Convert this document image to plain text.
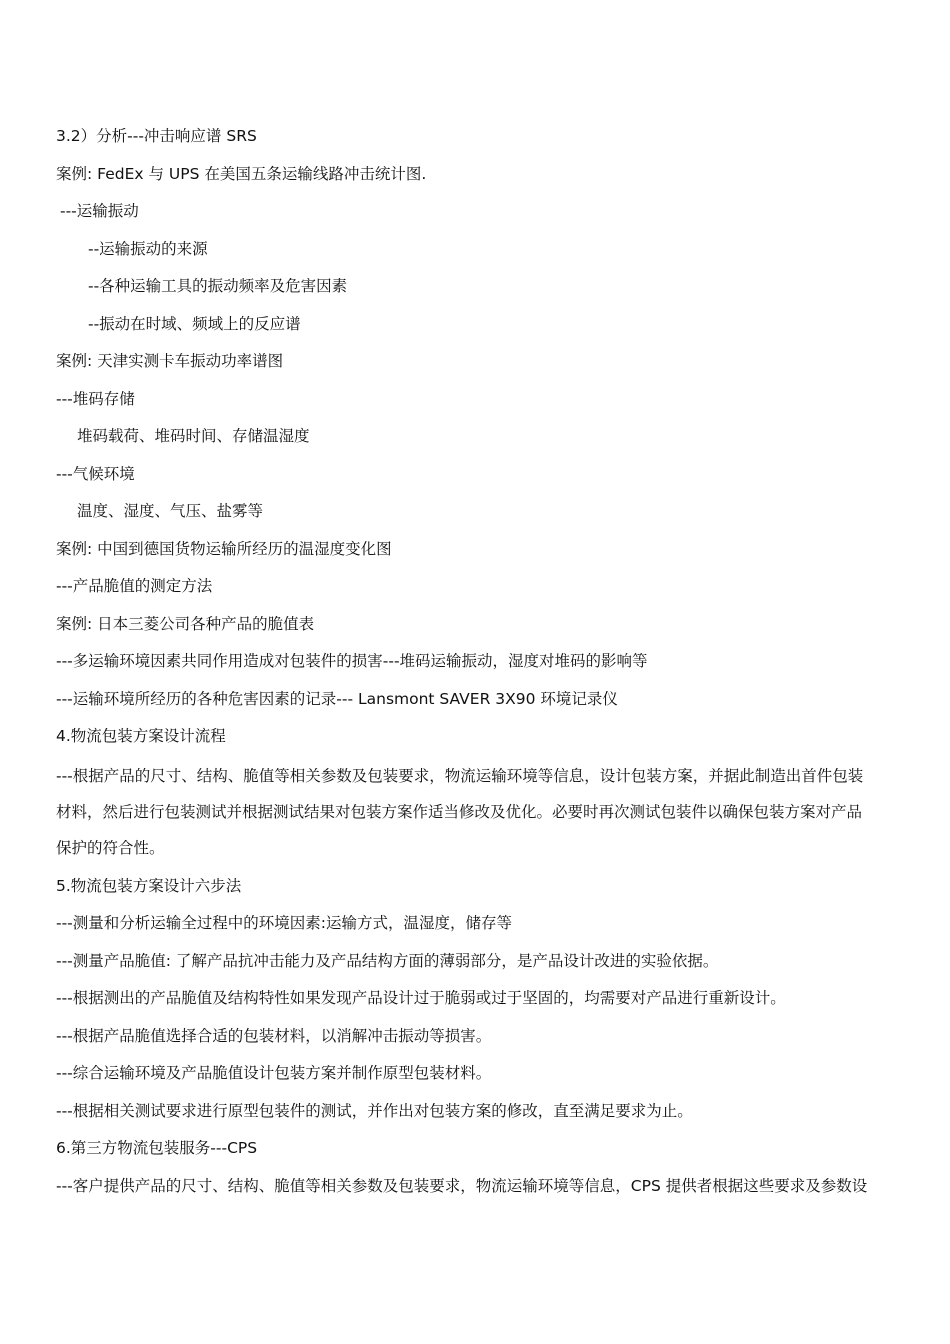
3.2）分析---冲击响应谱 SRS
案例: FedEx 与 UPS 在美国五条运输线路冲击统计图.
---运输振动
--运输振动的来源
--各种运输工具的振动频率及危害因素
--振动在时域、频域上的反应谱
案例: 天津实测卡车振动功率谱图
---堆码存储
堆码载荷、堆码时间、存储温湿度
---气候环境
温度、湿度、气压、盐雾等
案例: 中国到德国货物运输所经历的温湿度变化图
---产品脆值的测定方法
案例: 日本三菱公司各种产品的脆值表
---多运输环境因素共同作用造成对包装件的损害---堆码运输振动，湿度对堆码的影响等
---运输环境所经历的各种危害因素的记录--- Lansmont SAVER 3X90 环境记录仪
4.物流包装方案设计流程
---根据产品的尺寸、结构、脆值等相关参数及包装要求，物流运输环境等信息，设计包装方案，并据此制造出首件包装
材料，然后进行包装测试并根据测试结果对包装方案作适当修改及优化。必要时再次测试包装件以确保包装方案对产品
保护的符合性。
5.物流包装方案设计六步法
---测量和分析运输全过程中的环境因素:运输方式，温湿度，储存等
---测量产品脆值: 了解产品抗冲击能力及产品结构方面的薄弱部分，是产品设计改进的实验依据。
---根据测出的产品脆值及结构特性如果发现产品设计过于脆弱或过于坚固的，均需要对产品进行重新设计。
---根据产品脆值选择合适的包装材料，以消解冲击振动等损害。
---综合运输环境及产品脆值设计包装方案并制作原型包装材料。
---根据相关测试要求进行原型包装件的测试，并作出对包装方案的修改，直至满足要求为止。
6.第三方物流包装服务---CPS
---客户提供产品的尺寸、结构、脆值等相关参数及包装要求，物流运输环境等信息，CPS 提供者根据这些要求及参数设
